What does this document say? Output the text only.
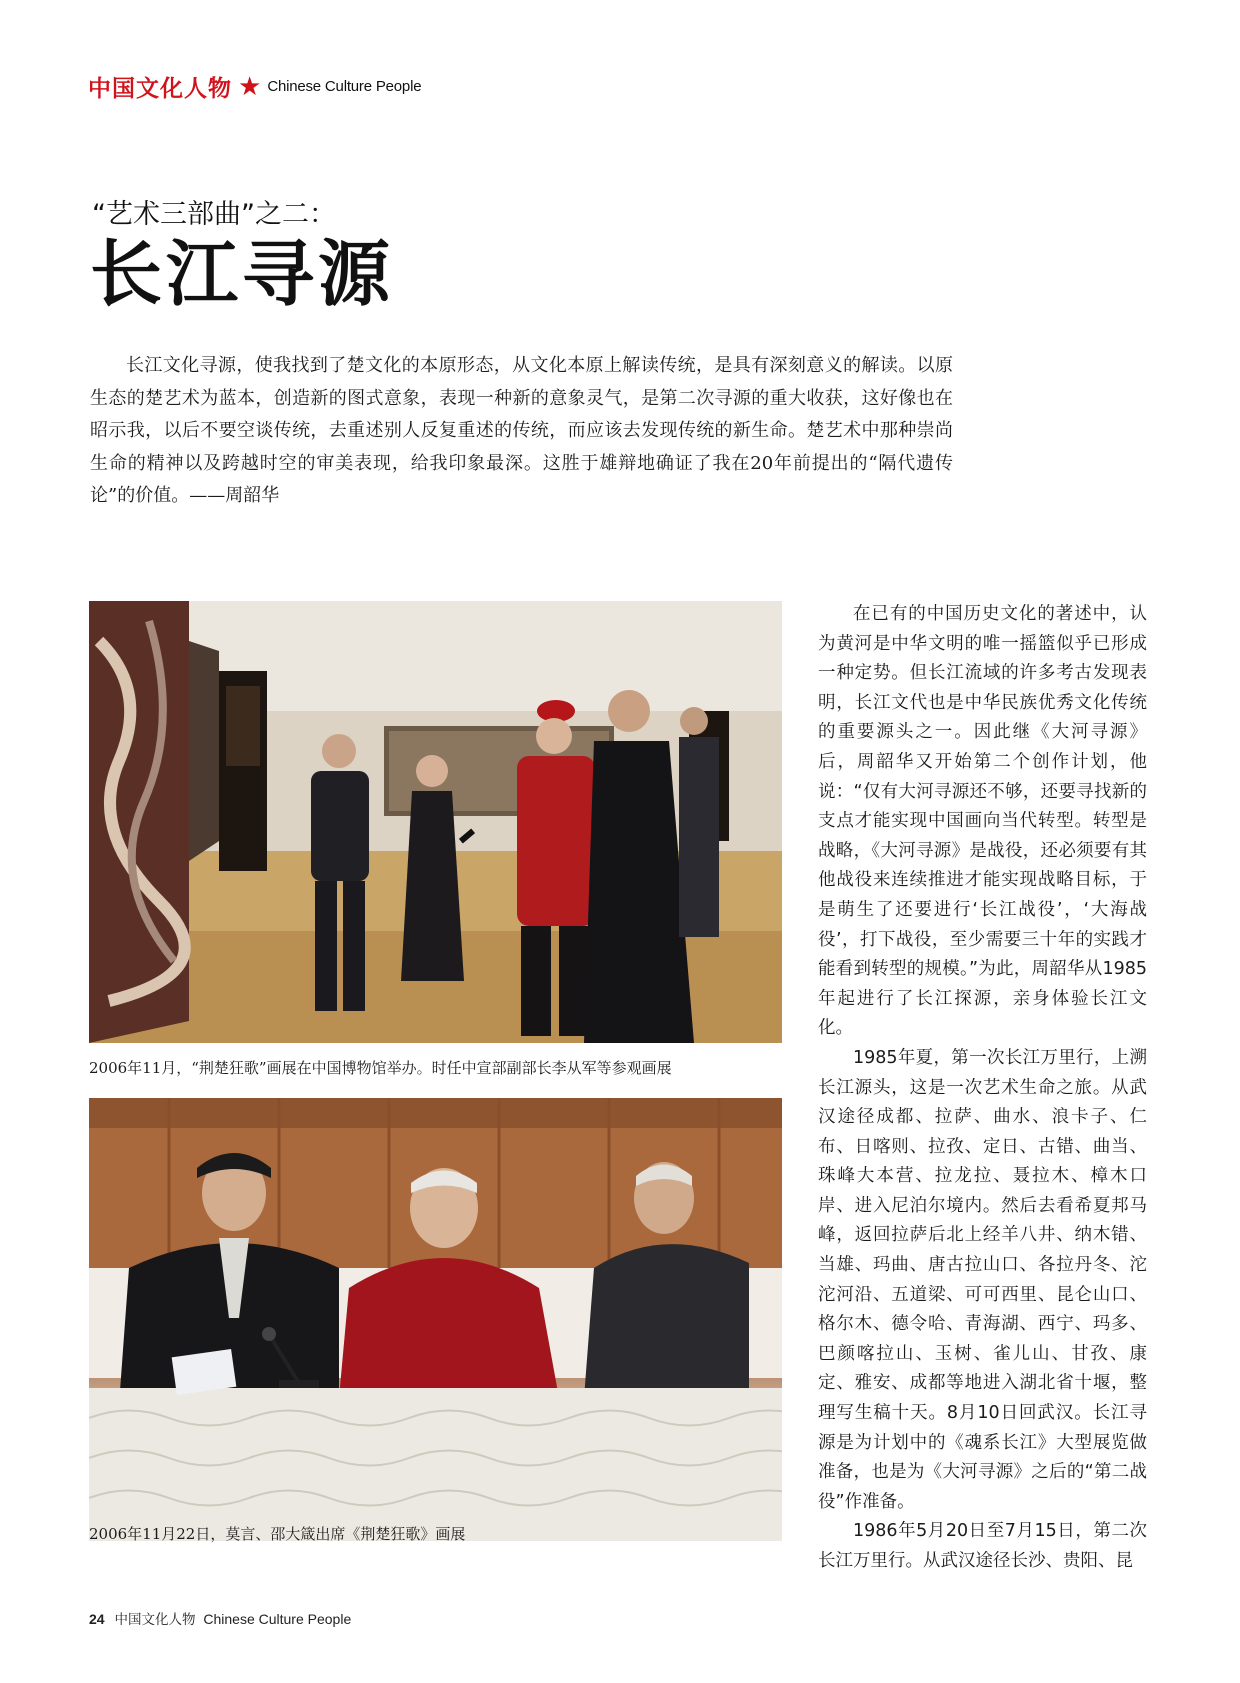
中国文化人物 ★ Chinese Culture People
“艺术三部曲”之二：
长江寻源
长江文化寻源，使我找到了楚文化的本原形态，从文化本原上解读传统，是具有深刻意义的解读。以原生态的楚艺术为蓝本，创造新的图式意象，表现一种新的意象灵气，是第二次寻源的重大收获，这好像也在昭示我，以后不要空谈传统，去重述别人反复重述的传统，而应该去发现传统的新生命。楚艺术中那种崇尚生命的精神以及跨越时空的审美表现，给我印象最深。这胜于雄辩地确证了我在20年前提出的“隔代遗传论”的价值。——周韶华
2006年11月，“荆楚狂歌”画展在中国博物馆举办。时任中宣部副部长李从军等参观画展
2006年11月22日，莫言、邵大箴出席《荆楚狂歌》画展

在已有的中国历史文化的著述中，认为黄河是中华文明的唯一摇篮似乎已形成一种定势。但长江流域的许多考古发现表明，长江文代也是中华民族优秀文化传统的重要源头之一。因此继《大河寻源》后，周韶华又开始第二个创作计划，他说：“仅有大河寻源还不够，还要寻找新的支点才能实现中国画向当代转型。转型是战略，《大河寻源》是战役，还必须要有其他战役来连续推进才能实现战略目标，于是萌生了还要进行‘长江战役’，‘大海战役’，打下战役，至少需要三十年的实践才能看到转型的规模。”为此，周韶华从1985年起进行了长江探源，亲身体验长江文化。

1985年夏，第一次长江万里行，上溯长江源头，这是一次艺术生命之旅。从武汉途径成都、拉萨、曲水、浪卡子、仁布、日喀则、拉孜、定日、古错、曲当、珠峰大本营、拉龙拉、聂拉木、樟木口岸、进入尼泊尔境内。然后去看希夏邦马峰，返回拉萨后北上经羊八井、纳木错、当雄、玛曲、唐古拉山口、各拉丹冬、沱沱河沿、五道梁、可可西里、昆仑山口、格尔木、德令哈、青海湖、西宁、玛多、巴颜喀拉山、玉树、雀儿山、甘孜、康定、雅安、成都等地进入湖北省十堰，整理写生稿十天。8月10日回武汉。长江寻源是为计划中的《魂系长江》大型展览做准备，也是为《大河寻源》之后的“第二战役”作准备。

1986年5月20日至7月15日，第二次长江万里行。从武汉途径长沙、贵阳、昆

24 中国文化人物 Chinese Culture People
